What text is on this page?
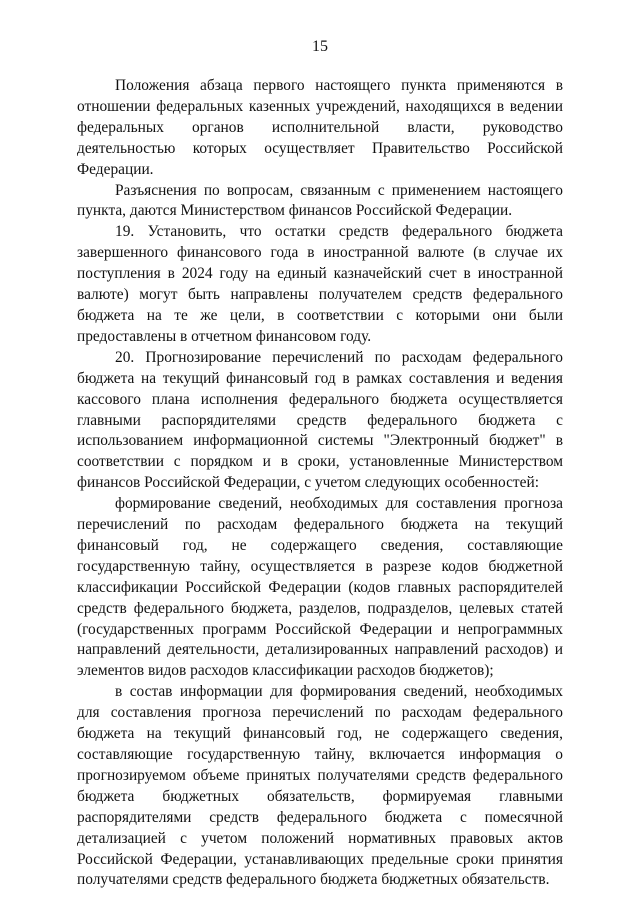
15

Положения абзаца первого настоящего пункта применяются в отношении федеральных казенных учреждений, находящихся в ведении федеральных органов исполнительной власти, руководство деятельностью которых осуществляет Правительство Российской Федерации.

Разъяснения по вопросам, связанным с применением настоящего пункта, даются Министерством финансов Российской Федерации.

19. Установить, что остатки средств федерального бюджета завершенного финансового года в иностранной валюте (в случае их поступления в 2024 году на единый казначейский счет в иностранной валюте) могут быть направлены получателем средств федерального бюджета на те же цели, в соответствии с которыми они были предоставлены в отчетном финансовом году.

20. Прогнозирование перечислений по расходам федерального бюджета на текущий финансовый год в рамках составления и ведения кассового плана исполнения федерального бюджета осуществляется главными распорядителями средств федерального бюджета с использованием информационной системы "Электронный бюджет" в соответствии с порядком и в сроки, установленные Министерством финансов Российской Федерации, с учетом следующих особенностей:

формирование сведений, необходимых для составления прогноза перечислений по расходам федерального бюджета на текущий финансовый год, не содержащего сведения, составляющие государственную тайну, осуществляется в разрезе кодов бюджетной классификации Российской Федерации (кодов главных распорядителей средств федерального бюджета, разделов, подразделов, целевых статей (государственных программ Российской Федерации и непрограммных направлений деятельности, детализированных направлений расходов) и элементов видов расходов классификации расходов бюджетов);

в состав информации для формирования сведений, необходимых для составления прогноза перечислений по расходам федерального бюджета на текущий финансовый год, не содержащего сведения, составляющие государственную тайну, включается информация о прогнозируемом объеме принятых получателями средств федерального бюджета бюджетных обязательств, формируемая главными распорядителями средств федерального бюджета с помесячной детализацией с учетом положений нормативных правовых актов Российской Федерации, устанавливающих предельные сроки принятия получателями средств федерального бюджета бюджетных обязательств.
